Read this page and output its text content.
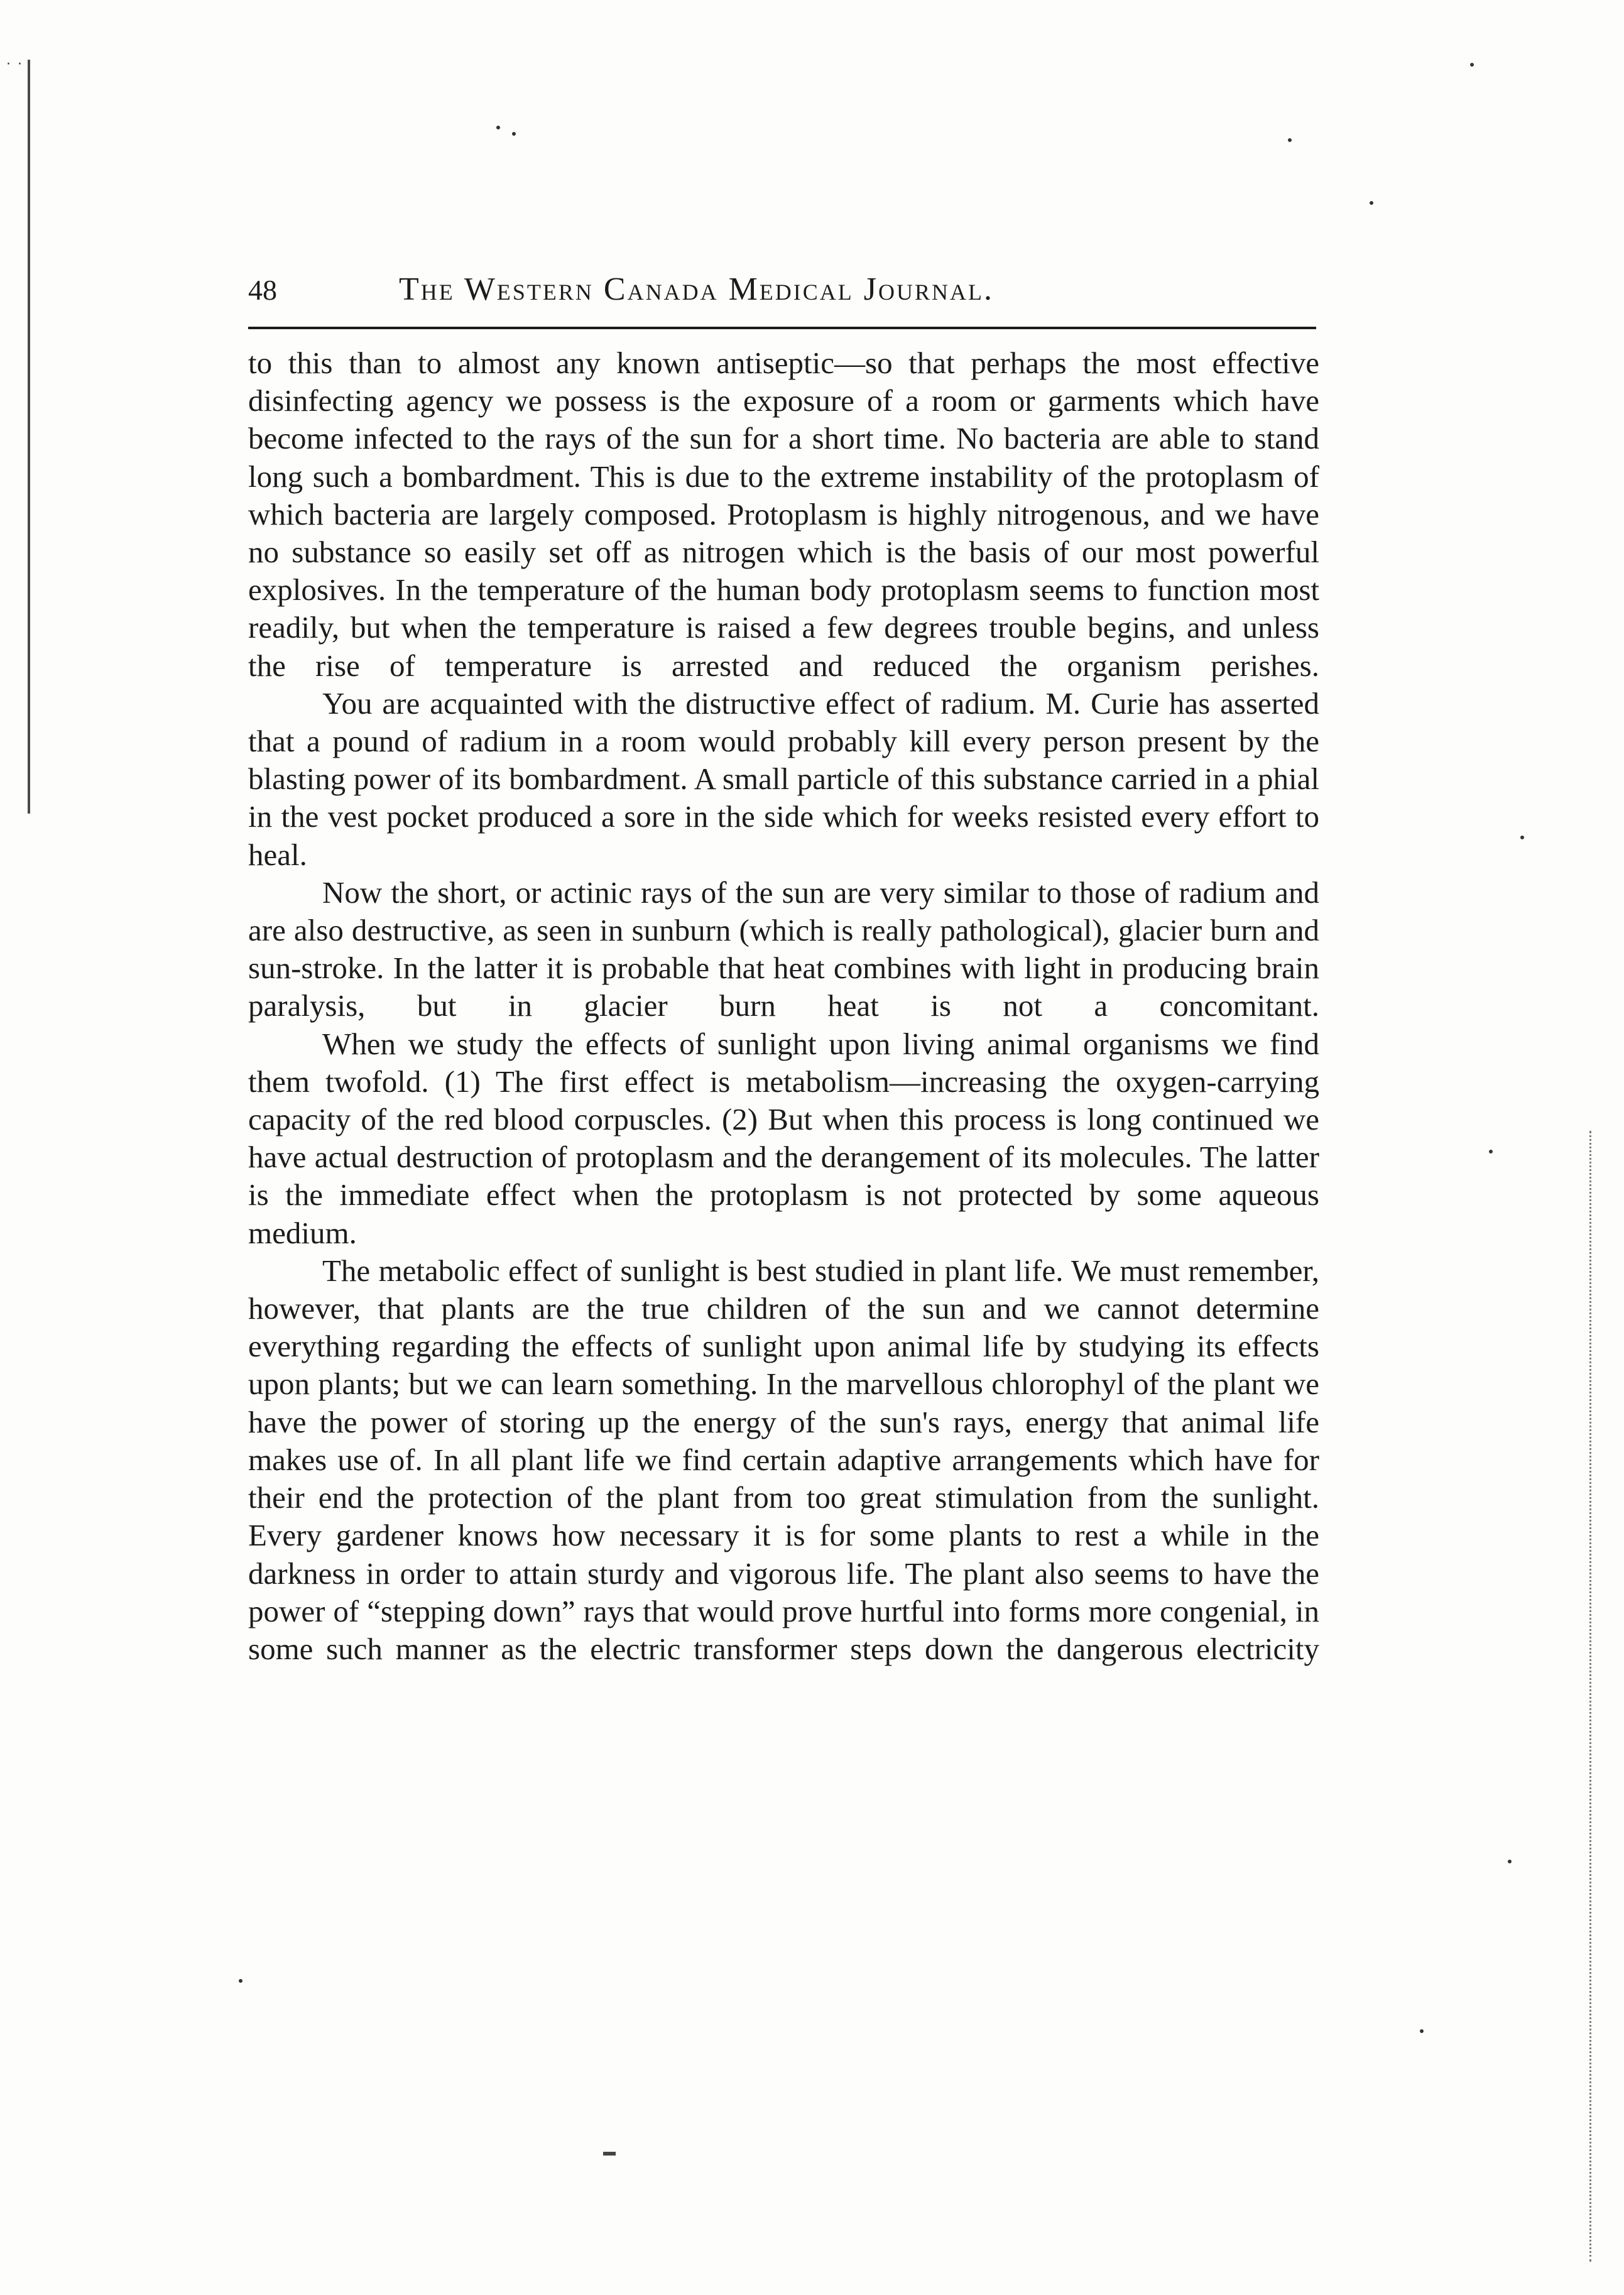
· ·
48	The Western Canada Medical Journal.

to this than to almost any known antiseptic—so that perhaps the most effective disinfecting agency we possess is the exposure of a room or garments which have become infected to the rays of the sun for a short time. No bacteria are able to stand long such a bombardment. This is due to the extreme instability of the protoplasm of which bacteria are largely composed. Protoplasm is highly nitrogenous, and we have no substance so easily set off as nitrogen which is the basis of our most powerful explosives. In the temperature of the human body protoplasm seems to function most readily, but when the temperature is raised a few degrees trouble begins, and unless the rise of temperature is arrested and reduced the organism perishes.

You are acquainted with the distructive effect of radium. M. Curie has asserted that a pound of radium in a room would probably kill every person present by the blasting power of its bombardment. A small particle of this substance carried in a phial in the vest pocket produced a sore in the side which for weeks resisted every effort to heal.

Now the short, or actinic rays of the sun are very similar to those of radium and are also destructive, as seen in sunburn (which is really pathological), glacier burn and sun-stroke. In the latter it is probable that heat combines with light in producing brain paralysis, but in glacier burn heat is not a concomitant.

When we study the effects of sunlight upon living animal organisms we find them twofold. (1) The first effect is metabolism—increasing the oxygen-carrying capacity of the red blood corpuscles. (2) But when this process is long continued we have actual destruction of protoplasm and the derangement of its molecules. The latter is the immediate effect when the protoplasm is not protected by some aqueous medium.

The metabolic effect of sunlight is best studied in plant life. We must remember, however, that plants are the true children of the sun and we cannot determine everything regarding the effects of sunlight upon animal life by studying its effects upon plants; but we can learn something. In the marvellous chlorophyl of the plant we have the power of storing up the energy of the sun's rays, energy that animal life makes use of. In all plant life we find certain adaptive arrangements which have for their end the protection of the plant from too great stimulation from the sunlight. Every gardener knows how necessary it is for some plants to rest a while in the darkness in order to attain sturdy and vigorous life. The plant also seems to have the power of “stepping down” rays that would prove hurtful into forms more congenial, in some such manner as the electric transformer steps down the dangerous electricity
